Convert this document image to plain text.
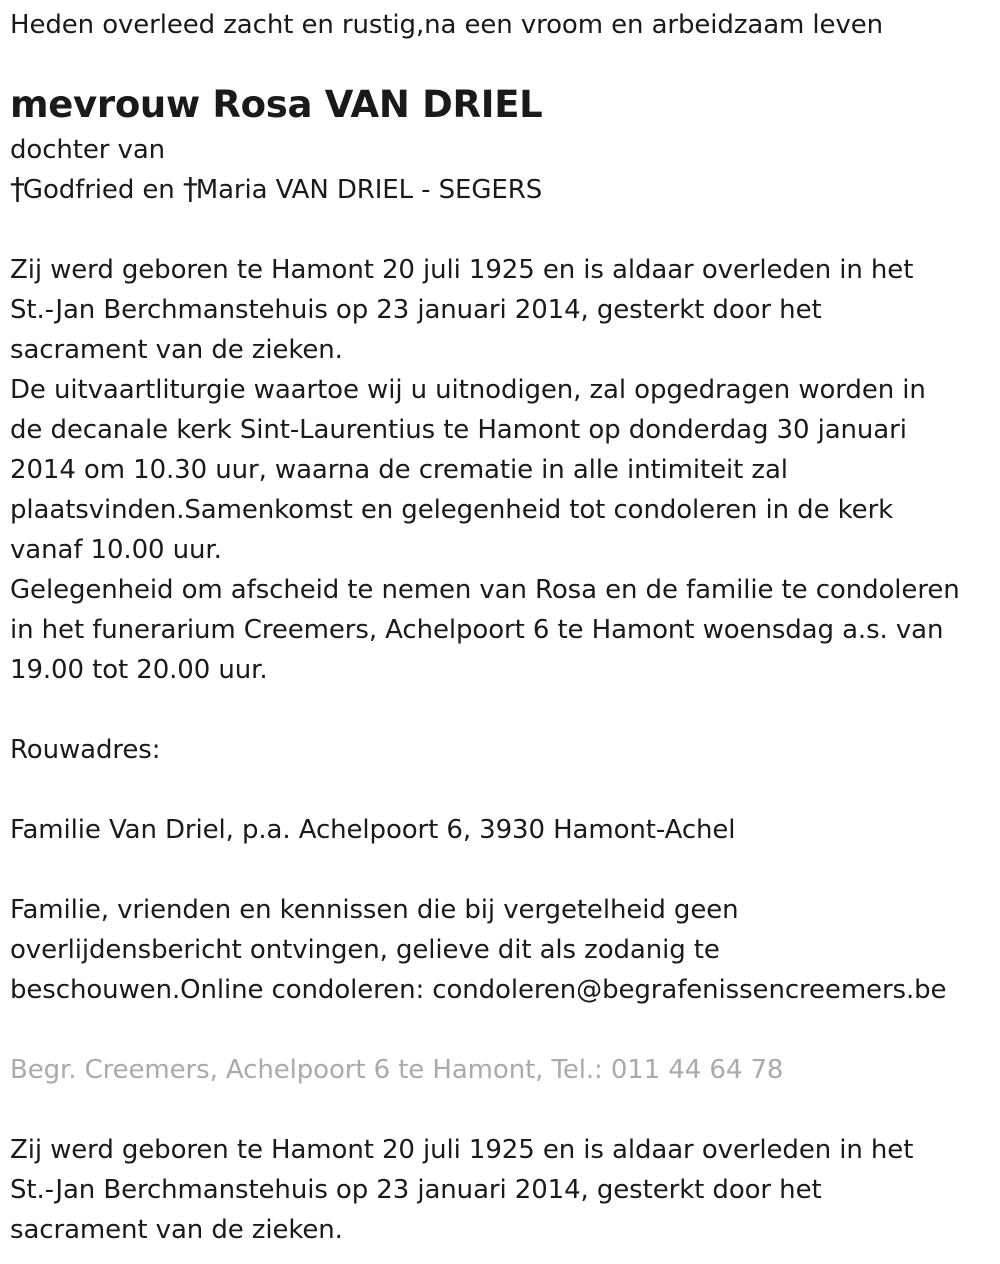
Heden overleed zacht en rustig,na een vroom en arbeidzaam leven
mevrouw Rosa VAN DRIEL
dochter van
†Godfried en †Maria VAN DRIEL - SEGERS
Zij werd geboren te Hamont 20 juli 1925 en is aldaar overleden in het
St.-Jan Berchmanstehuis op 23 januari 2014, gesterkt door het
sacrament van de zieken.
De uitvaartliturgie waartoe wij u uitnodigen, zal opgedragen worden in
de decanale kerk Sint-Laurentius te Hamont op donderdag 30 januari
2014 om 10.30 uur, waarna de crematie in alle intimiteit zal
plaatsvinden.Samenkomst en gelegenheid tot condoleren in de kerk
vanaf 10.00 uur.
Gelegenheid om afscheid te nemen van Rosa en de familie te condoleren
in het funerarium Creemers, Achelpoort 6 te Hamont woensdag a.s. van
19.00 tot 20.00 uur.
Rouwadres:
Familie Van Driel, p.a. Achelpoort 6, 3930 Hamont-Achel
Familie, vrienden en kennissen die bij vergetelheid geen
overlijdensbericht ontvingen, gelieve dit als zodanig te
beschouwen.Online condoleren: condoleren@begrafenissencreemers.be
Begr. Creemers, Achelpoort 6 te Hamont, Tel.: 011 44 64 78
Zij werd geboren te Hamont 20 juli 1925 en is aldaar overleden in het
St.-Jan Berchmanstehuis op 23 januari 2014, gesterkt door het
sacrament van de zieken.
